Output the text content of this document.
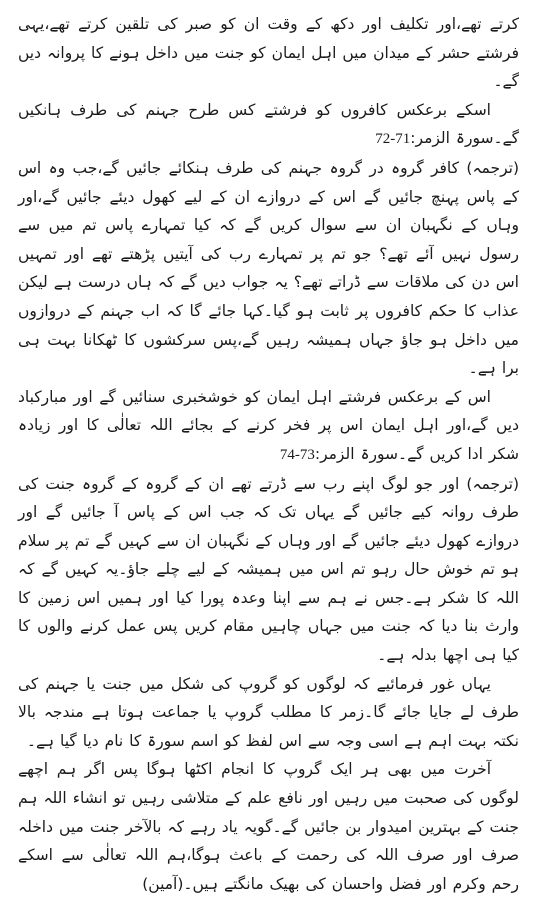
کرتے تھے،اور تکلیف اور دکھ کے وقت ان کو صبر کی تلقین کرتے تھے،یہی فرشتے حشر کے میدان میں اہل ایمان کو جنت میں داخل ہونے کا پروانہ دیں گے۔

اسکے برعکس کافروں کو فرشتے کس طرح جہنم کی طرف ہانکیں گے۔سورۃ الزمر:72-71

(ترجمہ) کافر گروہ در گروہ جہنم کی طرف ہنکائے جائیں گے،جب وہ اس کے پاس پہنچ جائیں گے اس کے دروازے ان کے لیے کھول دیئے جائیں گے،اور وہاں کے نگہبان ان سے سوال کریں گے کہ کیا تمہارے پاس تم میں سے رسول نہیں آئے تھے؟ جو تم پر تمہارے رب کی آیتیں پڑھتے تھے اور تمہیں اس دن کی ملاقات سے ڈراتے تھے؟ یہ جواب دیں گے کہ ہاں درست ہے لیکن عذاب کا حکم کافروں پر ثابت ہو گیا۔کہا جائے گا کہ اب جہنم کے دروازوں میں داخل ہو جاؤ جہاں ہمیشہ رہیں گے،پس سرکشوں کا ٹھکانا بہت ہی برا ہے۔

اس کے برعکس فرشتے اہل ایمان کو خوشخبری سنائیں گے اور مبارکباد دیں گے،اور اہل ایمان اس پر فخر کرنے کے بجائے اللہ تعالٰی کا اور زیادہ شکر ادا کریں گے۔سورۃ الزمر:74-73

(ترجمہ) اور جو لوگ اپنے رب سے ڈرتے تھے ان کے گروہ کے گروہ جنت کی طرف روانہ کیے جائیں گے یہاں تک کہ جب اس کے پاس آ جائیں گے اور دروازے کھول دیئے جائیں گے اور وہاں کے نگہبان ان سے کہیں گے تم پر سلام ہو تم خوش حال رہو تم اس میں ہمیشہ کے لیے چلے جاؤ۔یہ کہیں گے کہ اللہ کا شکر ہے۔جس نے ہم سے اپنا وعدہ پورا کیا اور ہمیں اس زمین کا وارث بنا دیا کہ جنت میں جہاں چاہیں مقام کریں پس عمل کرنے والوں کا کیا ہی اچھا بدلہ ہے۔

یہاں غور فرمائیے کہ لوگوں کو گروپ کی شکل میں جنت یا جہنم کی طرف لے جایا جائے گا۔زمر کا مطلب گروپ یا جماعت ہوتا ہے مندجہ بالا نکتہ بہت اہم ہے اسی وجہ سے اس لفظ کو اسم سورۃ کا نام دیا گیا ہے۔

آخرت میں بھی ہر ایک گروپ کا انجام اکٹھا ہوگا پس اگر ہم اچھے لوگوں کی صحبت میں رہیں اور نافع علم کے متلاشی رہیں تو انشاء اللہ ہم جنت کے بہترین امیدوار بن جائیں گے۔گویہ یاد رہے کہ بالآخر جنت میں داخلہ صرف اور صرف اللہ کی رحمت کے باعث ہوگا،ہم اللہ تعالٰی سے اسکے رحم وکرم اور فضل واحسان کی بھیک مانگتے ہیں۔(آمین)
